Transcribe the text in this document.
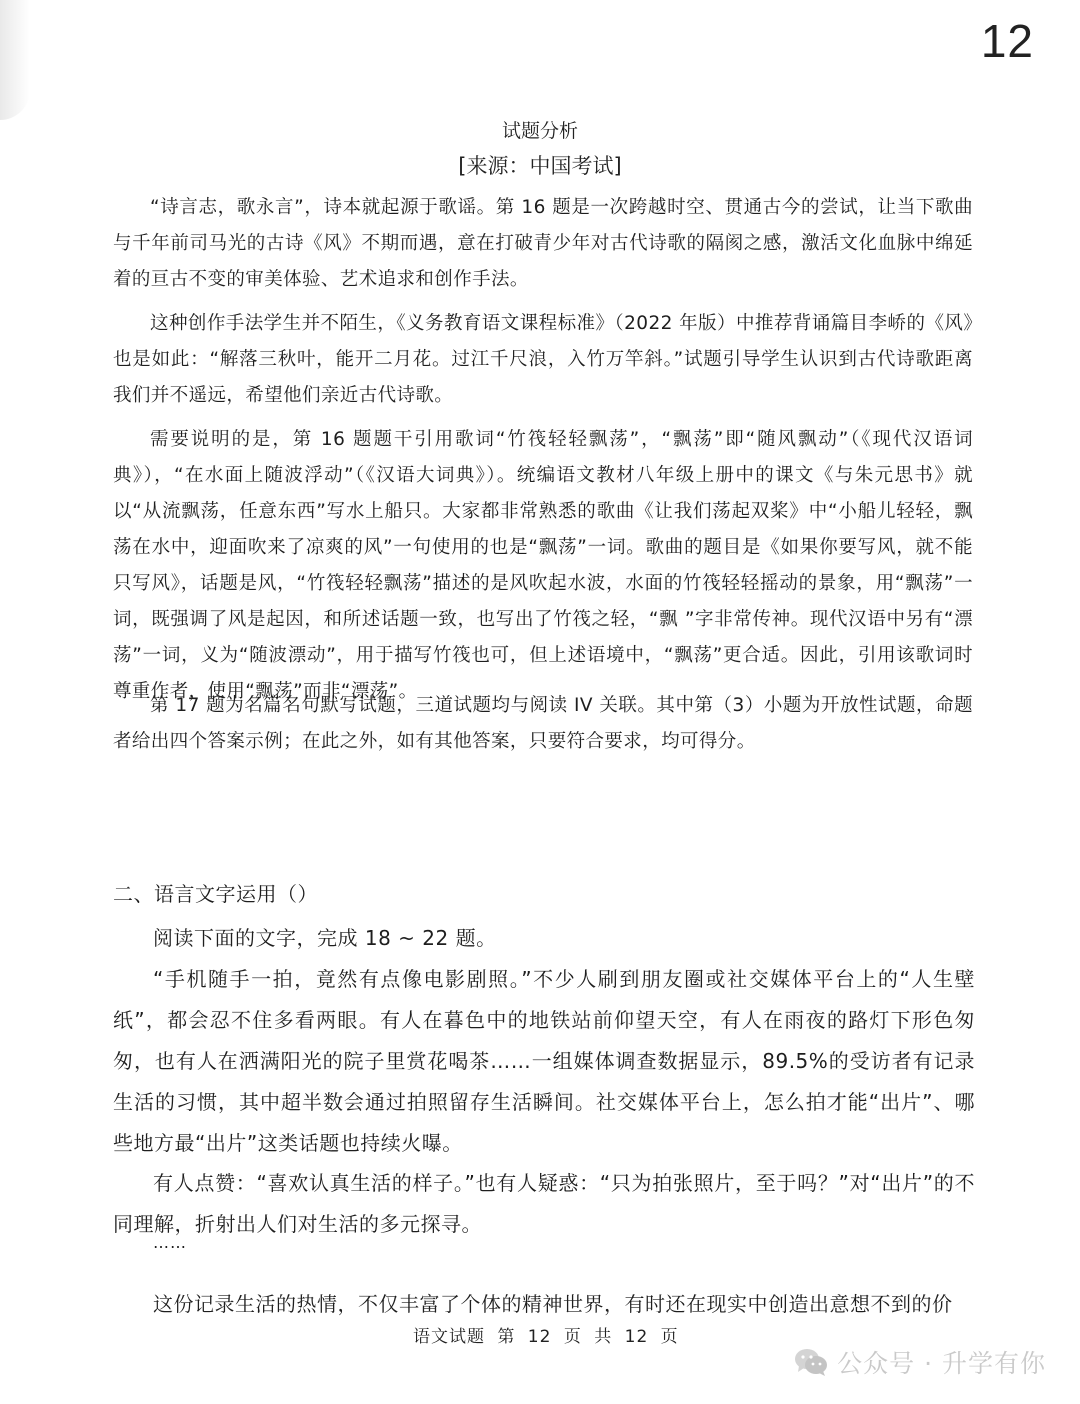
12
试题分析
[来源：中国考试]

“诗言志，歌永言”，诗本就起源于歌谣。第 16 题是一次跨越时空、贯通古今的尝试，让当下歌曲与千年前司马光的古诗《风》不期而遇，意在打破青少年对古代诗歌的隔阂之感，激活文化血脉中绵延着的亘古不变的审美体验、艺术追求和创作手法。

这种创作手法学生并不陌生，《义务教育语文课程标准》（2022 年版）中推荐背诵篇目李峤的《风》也是如此：“解落三秋叶，能开二月花。过江千尺浪，入竹万竿斜。”试题引导学生认识到古代诗歌距离我们并不遥远，希望他们亲近古代诗歌。

需要说明的是，第 16 题题干引用歌词“竹筏轻轻飘荡”，“飘荡”即“随风飘动”（《现代汉语词典》），“在水面上随波浮动”（《汉语大词典》）。统编语文教材八年级上册中的课文《与朱元思书》就以“从流飘荡，任意东西”写水上船只。大家都非常熟悉的歌曲《让我们荡起双桨》中“小船儿轻轻，飘荡在水中，迎面吹来了凉爽的风”一句使用的也是“飘荡”一词。歌曲的题目是《如果你要写风，就不能只写风》，话题是风，“竹筏轻轻飘荡”描述的是风吹起水波，水面的竹筏轻轻摇动的景象，用“飘荡”一词，既强调了风是起因，和所述话题一致，也写出了竹筏之轻，“飘 ”字非常传神。现代汉语中另有“漂荡”一词，义为“随波漂动”，用于描写竹筏也可，但上述语境中，“飘荡”更合适。因此，引用该歌词时尊重作者，使用“飘荡”而非“漂荡”。

第 17 题为名篇名句默写试题，三道试题均与阅读 IV 关联。其中第（3）小题为开放性试题，命题者给出四个答案示例；在此之外，如有其他答案，只要符合要求，均可得分。

二、语言文字运用（）

阅读下面的文字，完成 18 ~ 22 题。

“手机随手一拍，竟然有点像电影剧照。”不少人刷到朋友圈或社交媒体平台上的“人生壁纸”，都会忍不住多看两眼。有人在暮色中的地铁站前仰望天空，有人在雨夜的路灯下形色匆匆，也有人在洒满阳光的院子里赏花喝茶……一组媒体调查数据显示，89.5%的受访者有记录生活的习惯，其中超半数会通过拍照留存生活瞬间。社交媒体平台上，怎么拍才能“出片”、哪些地方最“出片”这类话题也持续火曝。

有人点赞：“喜欢认真生活的样子。”也有人疑惑：“只为拍张照片，至于吗？”对“出片”的不同理解，折射出人们对生活的多元探寻。

……

这份记录生活的热情，不仅丰富了个体的精神世界，有时还在现实中创造出意想不到的价

语文试题 第 12 页 共 12 页
公众号 · 升学有你
